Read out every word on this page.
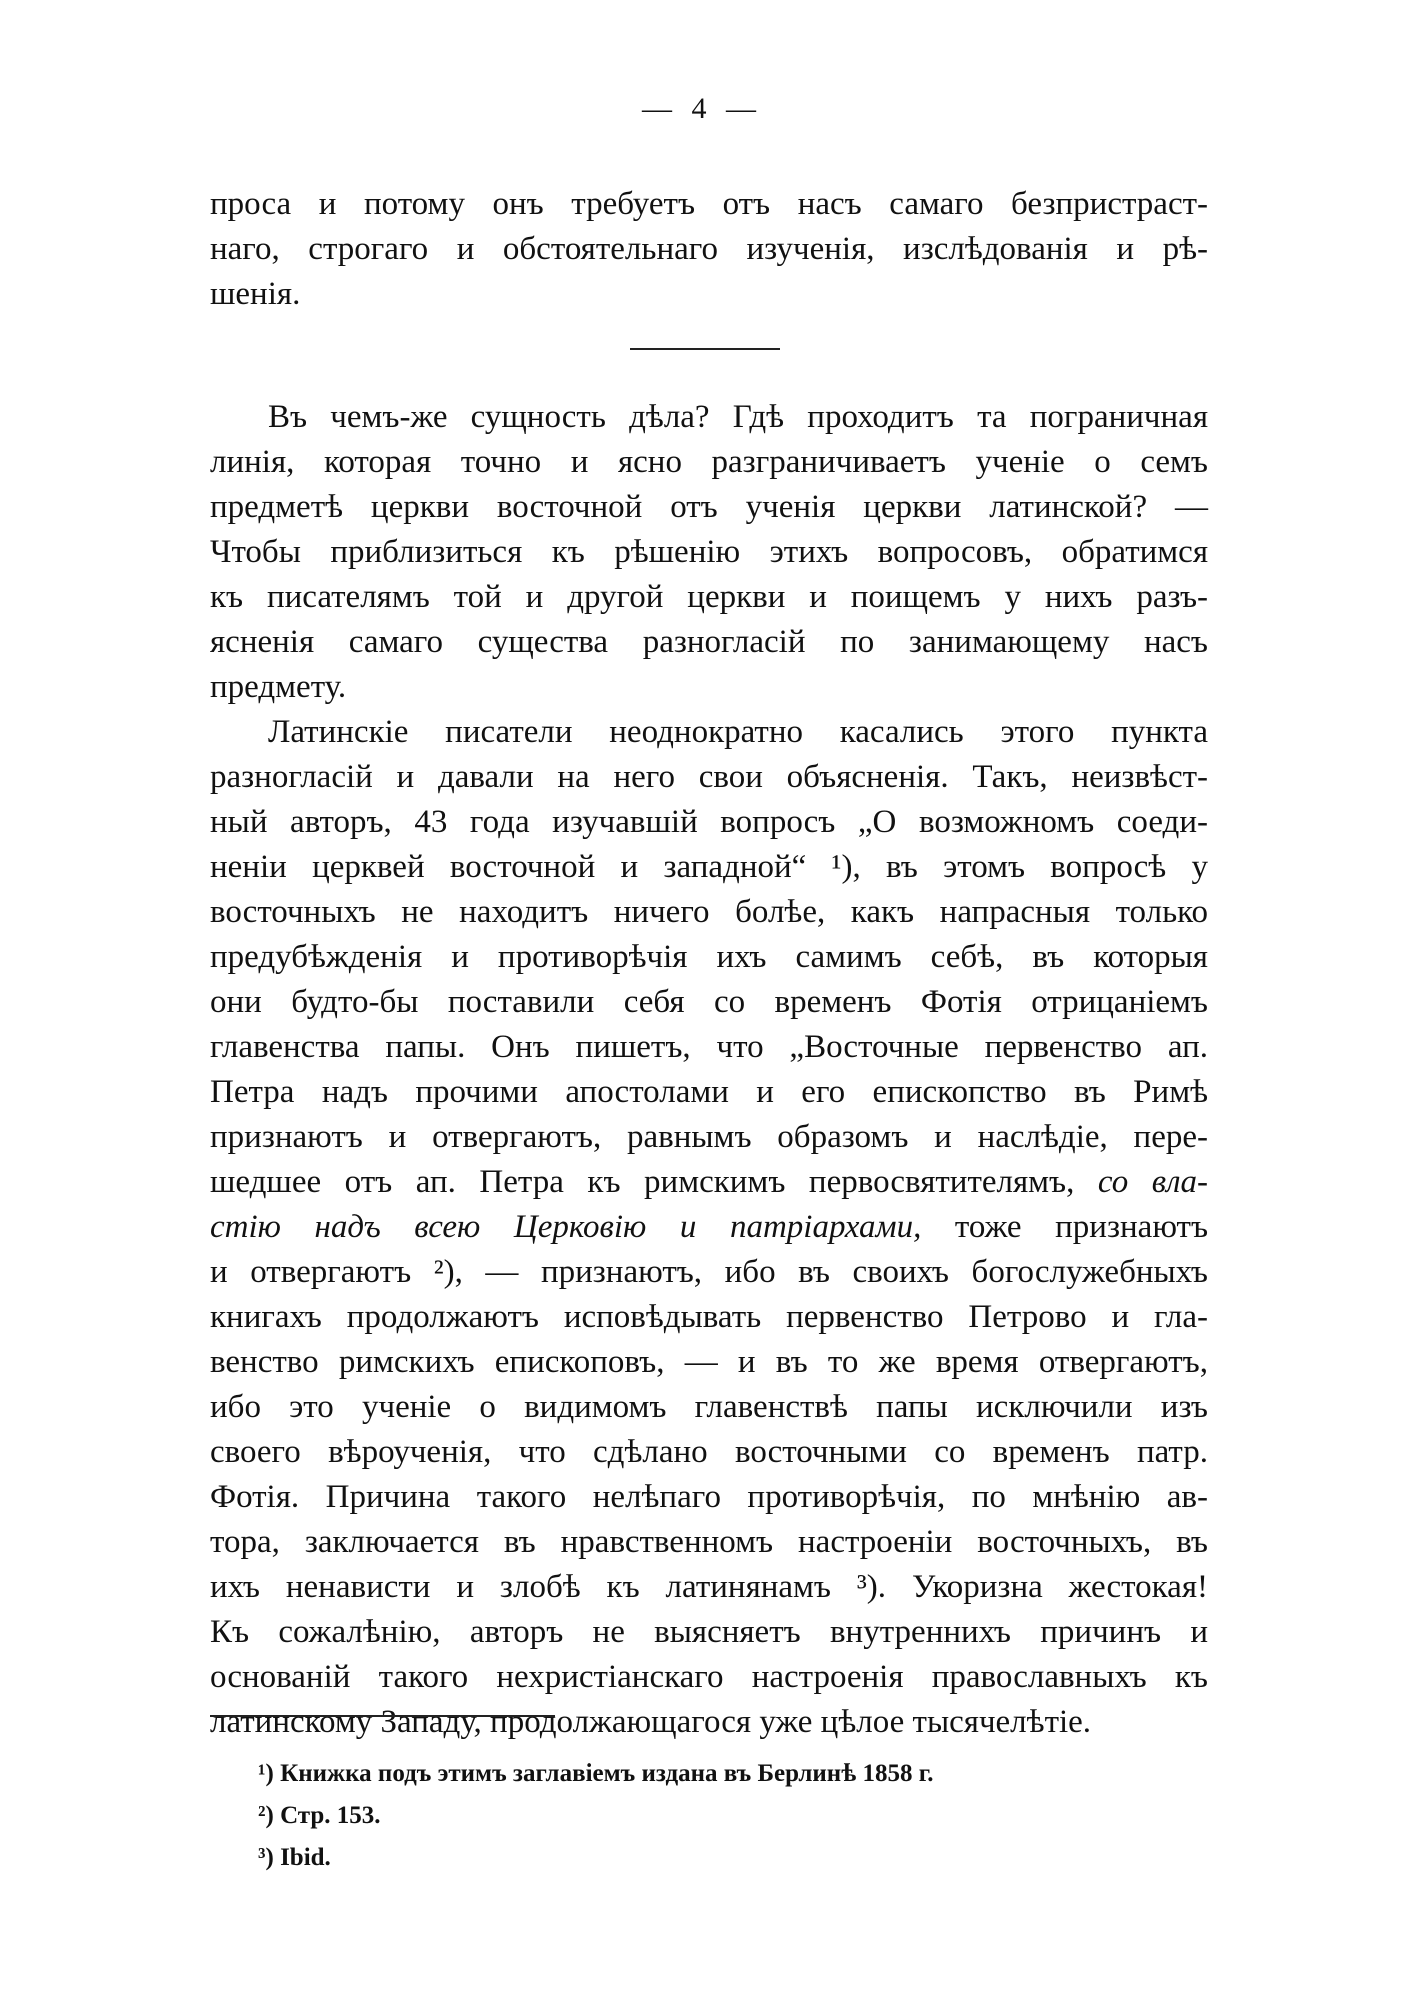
— 4 —
проса и потому онъ требуетъ отъ насъ самаго безпристраст-
наго, строгаго и обстоятельнаго изученія, изслѣдованія и рѣ-
шенія.
Въ чемъ-же сущность дѣла? Гдѣ проходитъ та пограничная
линія, которая точно и ясно разграничиваетъ ученіе о семъ
предметѣ церкви восточной отъ ученія церкви латинской? —
Чтобы приблизиться къ рѣшенію этихъ вопросовъ, обратимся
къ писателямъ той и другой церкви и поищемъ у нихъ разъ-
ясненія самаго существа разногласій по занимающему насъ
предмету.
Латинскіе писатели неоднократно касались этого пункта
разногласій и давали на него свои объясненія. Такъ, неизвѣст-
ный авторъ, 43 года изучавшій вопросъ „О возможномъ соеди-
неніи церквей восточной и западной“ ¹), въ этомъ вопросѣ у
восточныхъ не находитъ ничего болѣе, какъ напрасныя только
предубѣжденія и противорѣчія ихъ самимъ себѣ, въ которыя
они будто-бы поставили себя со временъ Фотія отрицаніемъ
главенства папы. Онъ пишетъ, что „Восточные первенство ап.
Петра надъ прочими апостолами и его епископство въ Римѣ
признаютъ и отвергаютъ, равнымъ образомъ и наслѣдіе, пере-
шедшее отъ ап. Петра къ римскимъ первосвятителямъ, со влa-
стію надъ всею Церковію и патріархами, тоже признаютъ
и отвергаютъ ²), — признаютъ, ибо въ своихъ богослужебныхъ
книгахъ продолжаютъ исповѣдывать первенство Петрово и гла-
венство римскихъ епископовъ, — и въ то же время отвергаютъ,
ибо это ученіе о видимомъ главенствѣ папы исключили изъ
своего вѣроученія, что сдѣлано восточными со временъ патр.
Фотія. Причина такого нелѣпаго противорѣчія, по мнѣнію ав-
тора, заключается въ нравственномъ настроеніи восточныхъ, въ
ихъ ненависти и злобѣ къ латинянамъ ³). Укоризна жестокая!
Къ сожалѣнію, авторъ не выясняетъ внутреннихъ причинъ и
основаній такого нехристіанскаго настроенія православныхъ къ
латинскому Западу, продолжающагося уже цѣлое тысячелѣтіе.
¹) Книжка подъ этимъ заглавіемъ издана въ Берлинѣ 1858 г.
²) Стр. 153.
³) Ibid.
